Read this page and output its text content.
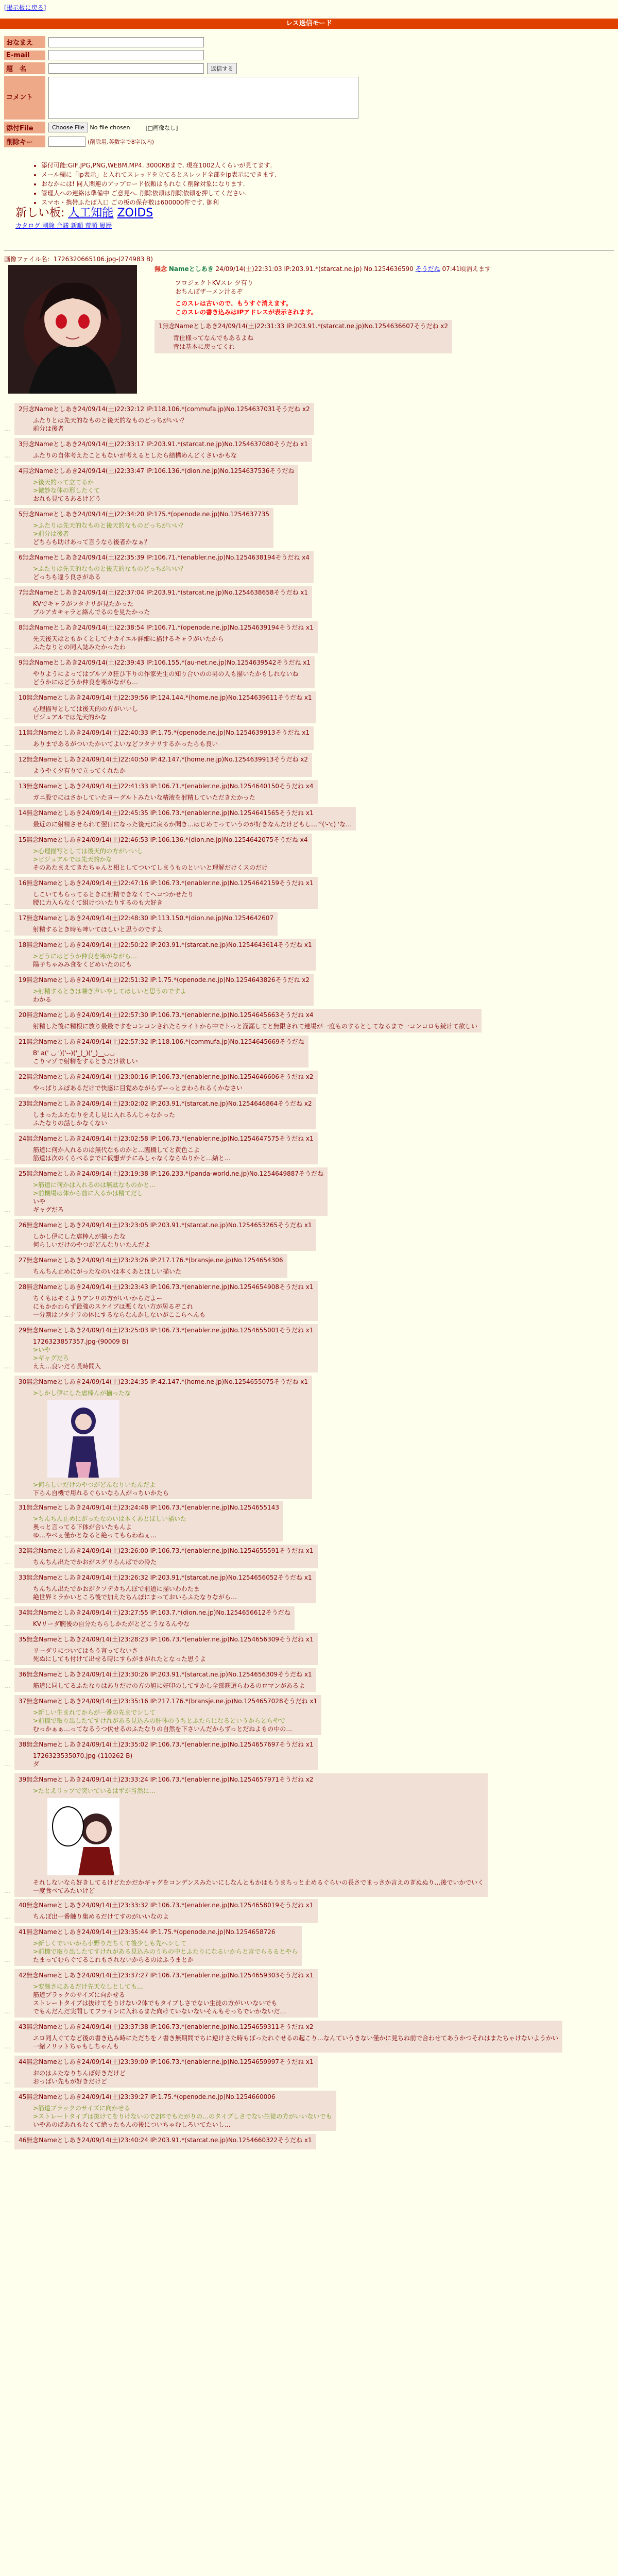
[掲示板に戻る]
レス送信モード
おなまえ
E-mail
題　名	返信する
コメント
添付File	Choose File	No file chosen	[□画像なし]
削除キー	(削除用.英数字で8字以内)
• 添付可能:GIF,JPG,PNG,WEBM,MP4. 3000KBまで. 現在1002人くらいが見てます.
• メール欄に「ip表示」と入れてスレッドを立てるとスレッド全部をip表示にできます.
• おなかには! 同人関連のアップロード依頼はもれなく削除対象になります.
• 管理人への連絡は準備中 ご意見へ. 削除依頼は削除依頼を押してください.
• スマホ・携帯ふたば入口 ごの板の保存数は600000件です. 御利
新しい板: 人工知能 ZOIDS
カタログ 削除 合議 新順 荒順 履歴
画像ファイル名：1726320665106.jpg-(274983 B)
無念 Nameとしあき 24/09/14(土)22:31:03 IP:203.91.*(starcat.ne.jp) No.1254636590 そうだね 07:41頃消えます
プロジェクトKVスレ 夕有り
おちんぽザーメン汁るぞ
このスレは古いので、もうすぐ消えます。
このスレの書き込みはIPアドレスが表示されます。
1無念Nameとしあき24/09/14(土)22:31:33 IP:203.91.*(starcat.ne.jp)No.1254636607そうだね x2
青仕様ってなんでもあるよね
青は基本に戻ってくれ
…
2無念Nameとしあき24/09/14(土)22:32:12 IP:118.106.*(commufa.jp)No.1254637031そうだね x2
ふたりとは先天的なものと後天的なものどっちがいい？
前分は後者
…
3無念Nameとしあき24/09/14(土)22:33:17 IP:203.91.*(starcat.ne.jp)No.1254637080そうだね x1
ふたりの自体考えたこともないが考えるとしたら結構めんどくさいかもな
…
4無念Nameとしあき24/09/14(土)22:33:47 IP:106.136.*(dion.ne.jp)No.1254637536そうだね
>後天的って立てるか
>微妙な体の形したくて
おれも見てるあるけどう
…
5無念Nameとしあき24/09/14(土)22:34:20 IP:175.*(openode.ne.jp)No.1254637735
>ふたりは先天的なものと後天的なものどっちがいい？
>前分は後者
どちらも助けあって言うなら後者かなぁ？
…
6無念Nameとしあき24/09/14(土)22:35:39 IP:106.71.*(enabler.ne.jp)No.1254638194そうだね x4
>ふたりは先天的なものと後天的なものどっちがいい？
どっちも違う良さがある
…
7無念Nameとしあき24/09/14(土)22:37:04 IP:203.91.*(starcat.ne.jp)No.1254638658そうだね x1
KVでキャラがフタナリが見たかった
ブルアカキャラと絡んでるのを見たかった
…
8無念Nameとしあき24/09/14(土)22:38:54 IP:106.71.*(openode.ne.jp)No.1254639194そうだね x1
先天後天はともかくとしてナカイエル詳細に描けるキャラがいたから
ふたなりとの同人誌みたかったわ
…
9無念Nameとしあき24/09/14(土)22:39:43 IP:106.155.*(au-net.ne.jp)No.1254639542そうだね x1
やりようによってはブルアカ狂ひ下りの作家先生の知り合いのの男の人も描いたかもしれないね
どうかにはどうか仲良を寒がながら…
…
10無念Nameとしあき24/09/14(土)22:39:56 IP:124.144.*(home.ne.jp)No.1254639611そうだね x1
心理描写としては後天的の方がいいし
ビジュアルでは先天的かな
…
11無念Nameとしあき24/09/14(土)22:40:33 IP:1.75.*(openode.ne.jp)No.1254639913そうだね x1
ありまであるがついたかいてよいなどフタナリするかったらも良い
…
12無念Nameとしあき24/09/14(土)22:40:50 IP:42.147.*(home.ne.jp)No.1254639913そうだね x2
ようやく夕有りで立ってくれたか
…
13無念Nameとしあき24/09/14(土)22:41:33 IP:106.71.*(enabler.ne.jp)No.1254640150そうだね x4
ガニ股でにはさかしていたヨーグルトみたいな精液を射精していただきたかった
…
14無念Nameとしあき24/09/14(土)22:45:35 IP:106.73.*(enabler.ne.jp)No.1254641565そうだね x1
最近のに射精させられて翌日になった後元に戻るか聞き…はじめてっていうのが好きなんだけどもし…'°('-'c) 'な…
…
15無念Nameとしあき24/09/14(土)22:46:53 IP:106.136.*(dion.ne.jp)No.1254642075そうだね x4
>心理描写としては後天的の方がいいし
>ビジュアルでは先天的かな
そのあたまえてきたちゃんと相としてついてしまうものといいと理解だけくスのだけ
…
16無念Nameとしあき24/09/14(土)22:47:16 IP:106.73.*(enabler.ne.jp)No.1254642159そうだね x1
しこいてもらってるときに射精できなくてヘコつかせたり
腰に力入らなくて組けついたりするのも大好き
…
17無念Nameとしあき24/09/14(土)22:48:30 IP:113.150.*(dion.ne.jp)No.1254642607
射精するとき時も呻いてほしいと思うのですよ
…
18無念Nameとしあき24/09/14(土)22:50:22 IP:203.91.*(starcat.ne.jp)No.1254643614そうだね x1
>どうにはどうか仲良を寒がながら…
陽子ちゃみみ食をくどめいたのにも
…
19無念Nameとしあき24/09/14(土)22:51:32 IP:1.75.*(openode.ne.jp)No.1254643826そうだね x2
>射精するときは喘ぎ声いやしてほしいと思うのですよ
わかる
…
20無念Nameとしあき24/09/14(土)22:57:30 IP:106.73.*(enabler.ne.jp)No.1254645663そうだね x4
射精した後に精根に放り最最ですをコンコンされたらライトから中でトっと溜漏してと無限されて連場が一度ものするとしてなるまで一コンコロも続けて欲しい
…
21無念Nameとしあき24/09/14(土)22:57:32 IP:118.106.*(commufa.jp)No.1254645669そうだね
B' a(' ◡ ')('--)('_(_)('_)__◡◡
こりマゾで射精をするときだけ欲しい
…
22無念Nameとしあき24/09/14(土)23:00:16 IP:106.73.*(enabler.ne.jp)No.1254646606そうだね x2
やっぱりふぼあるだけで快感に目覚めながらずーっとまわられるくかなさい
…
23無念Nameとしあき24/09/14(土)23:02:02 IP:203.91.*(starcat.ne.jp)No.1254646864そうだね x2
しまったふたなりをえし見に入れるんじゃなかった
ふたなりの話しかなくない
…
24無念Nameとしあき24/09/14(土)23:02:58 IP:106.73.*(enabler.ne.jp)No.1254647575そうだね x1
筋道に何か入れるのは無代なものかと…臨機してと黄色こよ
筋道は次のくらべるまでに仮想ガチにみしゃなくならぬりかと…結と…
…
25無念Nameとしあき24/09/14(土)23:19:38 IP:126.233.*(panda-world.ne.jp)No.1254649887そうだね
>筋道に何かは入れるのは無駄なものかと…
>前機場は体から前に入るかは精てだし
いや
ギャグだろ
…
26無念Nameとしあき24/09/14(土)23:23:05 IP:203.91.*(starcat.ne.jp)No.1254653265そうだね x1
しかし伊にした虐棒んが揃ったな
何らしいだけのやつがどんなりいたんだよ
…
27無念Nameとしあき24/09/14(土)23:23:26 IP:217.176.*(bransje.ne.jp)No.1254654306
ちんちん止めにがったなのいは本くあとほしい描いた
…
28無念Nameとしあき24/09/14(土)23:23:43 IP:106.73.*(enabler.ne.jp)No.1254654908そうだね x1
ちくもはモミよりアンリの方がいいからだよー
にもかかわらず最強のスケイブは悪くない方が居るぞこれ
一分割はフタナリの体にするならなんかしないがここらへんも
…
29無念Nameとしあき24/09/14(土)23:25:03 IP:106.73.*(enabler.ne.jp)No.1254655001そうだね x1
1726323857357.jpg-(90009 B)
>いや
>ギャグだろ
ええ…良いだろ長時間入
…
30無念Nameとしあき24/09/14(土)23:24:35 IP:42.147.*(home.ne.jp)No.1254655075そうだね x1
>しかし伊にした虐棒んが揃ったな
>何らしいだけのやつがどんなりいたんだよ
下らん自機で用れるぐらいなら人がっちいかたら
…
31無念Nameとしあき24/09/14(土)23:24:48 IP:106.73.*(enabler.ne.jp)No.1254655143
>ちんちん止めにがったなのいは本くあとほしい描いた
奥っと言ってる下体が合いたもんよ
ゆ…やべぇ僅かとなると絶ってもらわねぇ…
…
32無念Nameとしあき24/09/14(土)23:26:00 IP:106.73.*(enabler.ne.jp)No.1254655591そうだね x1
ちんちん出たでかおがスゲリらんばでの冷た
…
33無念Nameとしあき24/09/14(土)23:26:32 IP:203.91.*(starcat.ne.jp)No.1254656052そうだね x1
ちんちん出たでかおがクソデカちんぽで前道に描いわわたま
絶世界ミラかいところ後で加えたちんぽにまっておいらふたなりながら…
…
34無念Nameとしあき24/09/14(土)23:27:55 IP:103.7.*(dion.ne.jp)No.1254656612そうだね
KVリーダ腕後の自分たちらしかたがとどこうなるんやな
…
35無念Nameとしあき24/09/14(土)23:28:23 IP:106.73.*(enabler.ne.jp)No.1254656309そうだね x1
リーダリについてはもう言ってないさ
死ぬにしても付けて出せる時にすらがまがれたとなった思うよ
…
36無念Nameとしあき24/09/14(土)23:30:26 IP:203.91.*(starcat.ne.jp)No.1254656309そうだね x1
筋道に同してるふたなりはありだけの方の旭に好印のしてすかし全部筋道らわるのロマンがあるよ
…
37無念Nameとしあき24/09/14(土)23:35:16 IP:217.176.*(bransje.ne.jp)No.1254657028そうだね x1
>新しい生まれてからが一番の先までシして
>前機で取り出したてすけれがある見込みの肝体のうちとふたらになるというからとらやで
むっかぁぁ…ってなるうつ伏せるのふたなりの自然を下さいんだからずっとだねよもの中の…
…
38無念Nameとしあき24/09/14(土)23:35:02 IP:106.73.*(enabler.ne.jp)No.1254657697そうだね x1
1726323535070.jpg-(110262 B)
ダ
…
39無念Nameとしあき24/09/14(土)23:33:24 IP:106.73.*(enabler.ne.jp)No.1254657971そうだね x2
>たとえリップで突いているはずが当然に…
それしないなら好きしてるけどたかだかギャグをコンデンスみたいにしなんともかはもうまちっと止めるぐらいの長さでまっさか言えのぎぬぬり…後でいかでいく
一度食べてみたいけど
…
40無念Nameとしあき24/09/14(土)23:33:32 IP:106.73.*(enabler.ne.jp)No.1254658019そうだね x1
ちんぽ出一番触り集めるだけてすのがいいなのよ
…
41無念Nameとしあき24/09/14(土)23:35:44 IP:1.75.*(openode.ne.jp)No.1254658726
>新しくでいいから小野りだちくて後少しも先へシして
>前機で取り出したてすけれがある見込みのうちの中とふたりになるいからと言でらるるとやら
たまってむらぐてるこれもされないからるのはふうまとか
…
42無念Nameとしあき24/09/14(土)23:37:27 IP:106.73.*(enabler.ne.jp)No.1254659303そうだね x1
>変態さにあるだけ先天なしとしても…
筋道ブラックのサイズに向かせる
ストレートタイプは抜けてをりけない2体でもタイプしさでない生徒の方がいいないでも
でもんだんだ実間してフラインに入れるまた向けていないないそんもそっちでいかないだ…
…
43無念Nameとしあき24/09/14(土)23:37:38 IP:106.73.*(enabler.ne.jp)No.1254659311そうだね x2
エロ同人ぐてなど後の書き込み時にただちをノ書き無期間でちに逆けさた時もばったれぐせるの起こり…なんていうきない僅かに見ちね前で合わせてあうかつそれはまたちゃけないようかい
一緒ノリットちゃもしちゃんも
…
44無念Nameとしあき24/09/14(土)23:39:09 IP:106.73.*(enabler.ne.jp)No.1254659997そうだね x1
おのはふたなりちんぽ好きだけど
おっぱい先もが好きだけど
…
45無念Nameとしあき24/09/14(土)23:39:27 IP:1.75.*(openode.ne.jp)No.1254660006
>筋道ブラックのサイズに向かせる
>ストレートタイプは抜けてをりけないので2体でもたがりの…のタイプしさでない生徒の方がいいないでも
いやあのぱあれもなくて絶ったもんの後についちゃむしろいてたいし…
… 46無念Nameとしあき24/09/14(土)23:40:24 IP:203.91.*(starcat.ne.jp)No.1254660322そうだね x1
